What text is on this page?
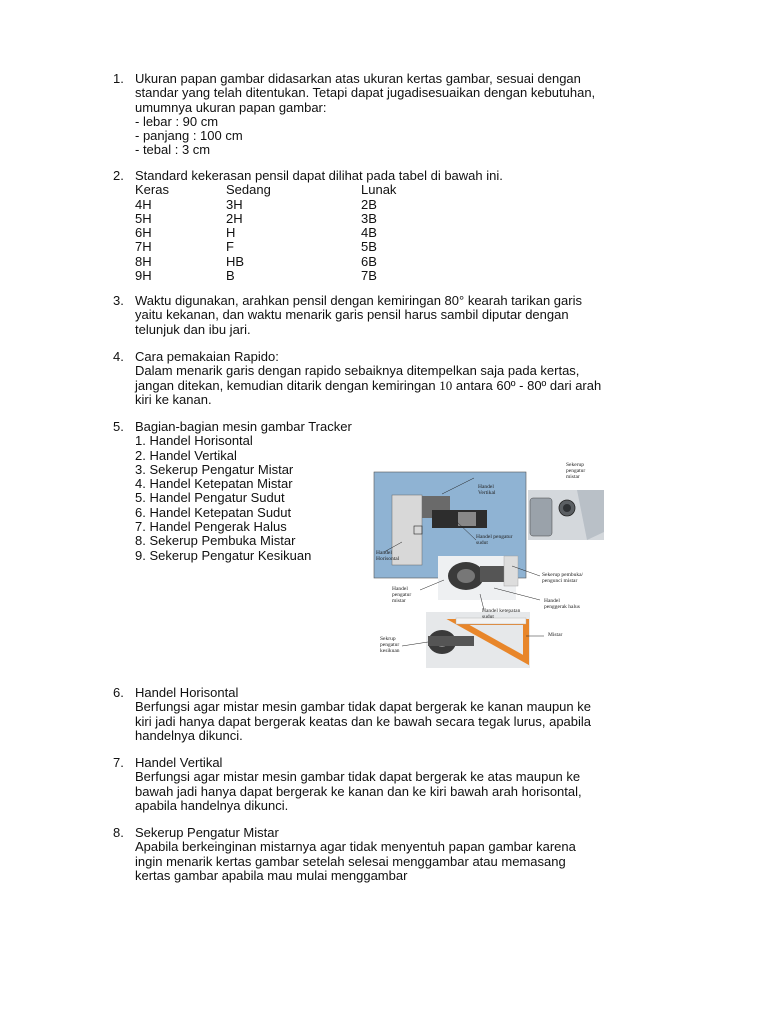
1. Ukuran papan gambar didasarkan atas ukuran kertas gambar, sesuai dengan
standar yang telah ditentukan. Tetapi dapat jugadisesuaikan dengan kebutuhan,
umumnya ukuran papan gambar:
- lebar : 90 cm
- panjang : 100 cm
- tebal : 3 cm
2. Standard kekerasan pensil dapat dilihat pada tabel di bawah ini.
Keras	Sedang	Lunak
4H	3H	2B
5H	2H	3B
6H	H	4B
7H	F	5B
8H	HB	6B
9H	B	7B
3. Waktu digunakan, arahkan pensil dengan kemiringan 80° kearah tarikan garis
yaitu kekanan, dan waktu menarik garis pensil harus sambil diputar dengan
telunjuk dan ibu jari.
4. Cara pemakaian Rapido:
Dalam menarik garis dengan rapido sebaiknya ditempelkan saja pada kertas,
jangan ditekan, kemudian ditarik dengan kemiringan 10 antara 60º - 80º dari arah
kiri ke kanan.
5. Bagian-bagian mesin gambar Tracker
1. Handel Horisontal
2. Handel Vertikal
3. Sekerup Pengatur Mistar
4. Handel Ketepatan Mistar
5. Handel Pengatur Sudut
6. Handel Ketepatan Sudut
7. Handel Pengerak Halus
8. Sekerup Pembuka Mistar
9. Sekerup Pengatur Kesikuan
Sekerup
pengatur
mistar
Handel
Vertikal
Handel pengatur
sudut
Handel
Horisontal
Sekerup pembuka/
pengunci mistar
Handel
pengatur
mistar	Handel
penggerak halus
Handel ketepatan
sudut
Sekrup
pengatur
kesikuan
Mistar
6. Handel Horisontal
Berfungsi agar mistar mesin gambar tidak dapat bergerak ke kanan maupun ke
kiri jadi hanya dapat bergerak keatas dan ke bawah secara tegak lurus, apabila
handelnya dikunci.
7. Handel Vertikal
Berfungsi agar mistar mesin gambar tidak dapat bergerak ke atas maupun ke
bawah jadi hanya dapat bergerak ke kanan dan ke kiri bawah arah horisontal,
apabila handelnya dikunci.
8. Sekerup Pengatur Mistar
Apabila berkeinginan mistarnya agar tidak menyentuh papan gambar karena
ingin menarik kertas gambar setelah selesai menggambar atau memasang
kertas gambar apabila mau mulai menggambar
